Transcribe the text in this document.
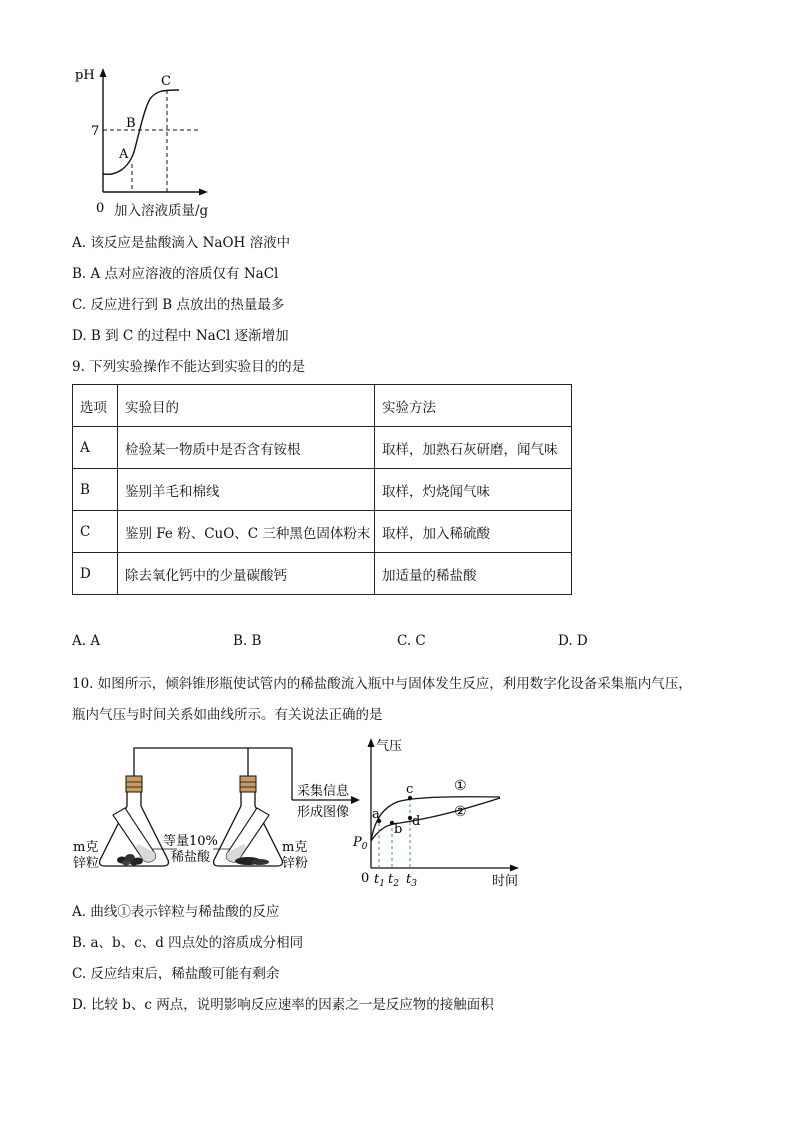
pH
7
0
A
B
C
加入溶液质量/g
A. 该反应是盐酸滴入 NaOH 溶液中
B. A 点对应溶液的溶质仅有 NaCl
C. 反应进行到 B 点放出的热量最多
D. B 到 C 的过程中 NaCl 逐渐增加
9. 下列实验操作不能达到实验目的的是
选项	实验目的	实验方法
A	检验某一物质中是否含有铵根	取样，加熟石灰研磨，闻气味
B	鉴别羊毛和棉线	取样，灼烧闻气味
C	鉴别 Fe 粉、CuO、C 三种黑色固体粉末	取样，加入稀硫酸
D	除去氧化钙中的少量碳酸钙	加适量的稀盐酸
A. A	B. B	C. C	D. D
10. 如图所示，倾斜锥形瓶使试管内的稀盐酸流入瓶中与固体发生反应，利用数字化设备采集瓶内气压，
瓶内气压与时间关系如曲线所示。有关说法正确的是
m克
锌粒
等量10%
稀盐酸
m克
锌粉
采集信息
形成图像
气压
时间
0
$P_0$
$t_1$ $t_2$ $t_3$
a
b
c
d
①
②
A. 曲线①表示锌粒与稀盐酸的反应
B. a、b、c、d 四点处的溶质成分相同
C. 反应结束后，稀盐酸可能有剩余
D. 比较 b、c 两点，说明影响反应速率的因素之一是反应物的接触面积
